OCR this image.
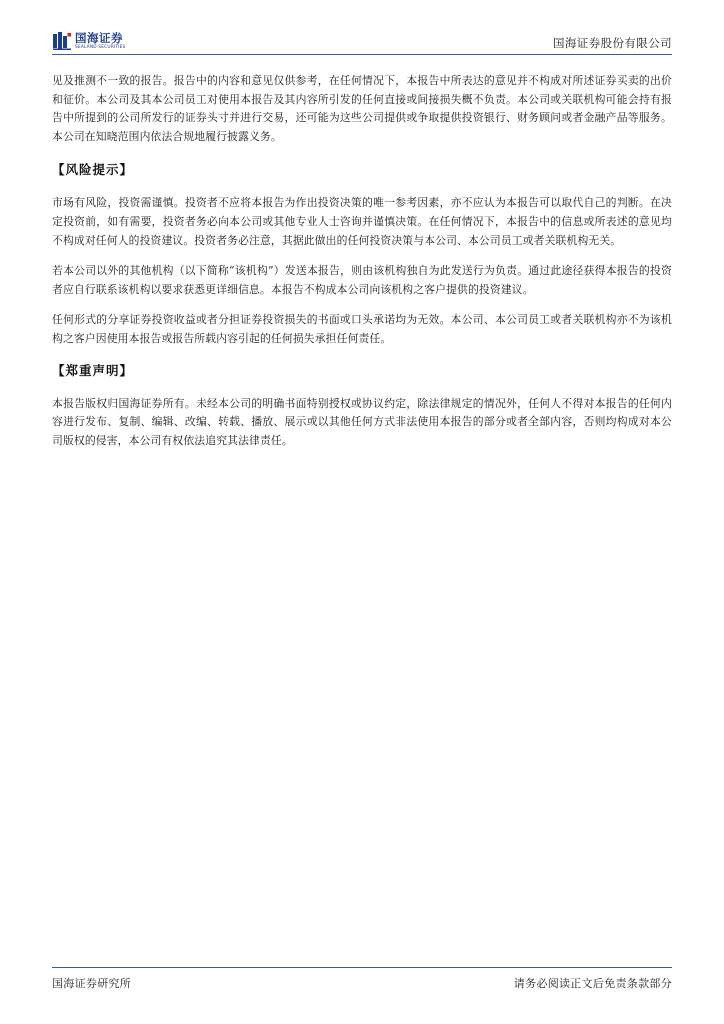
国海证券
SEALAND SECURITIES	国海证券股份有限公司

见及推测不一致的报告。报告中的内容和意见仅供参考，在任何情况下，本报告中所表达的意见并不构成对所述证券买卖的出价和征价。本公司及其本公司员工对使用本报告及其内容所引发的任何直接或间接损失概不负责。本公司或关联机构可能会持有报告中所提到的公司所发行的证券头寸并进行交易，还可能为这些公司提供或争取提供投资银行、财务顾问或者金融产品等服务。本公司在知晓范围内依法合规地履行披露义务。

【风险提示】

市场有风险，投资需谨慎。投资者不应将本报告为作出投资决策的唯一参考因素，亦不应认为本报告可以取代自己的判断。在决定投资前，如有需要，投资者务必向本公司或其他专业人士咨询并谨慎决策。在任何情况下，本报告中的信息或所表述的意见均不构成对任何人的投资建议。投资者务必注意，其据此做出的任何投资决策与本公司、本公司员工或者关联机构无关。

若本公司以外的其他机构（以下简称“该机构”）发送本报告，则由该机构独自为此发送行为负责。通过此途径获得本报告的投资者应自行联系该机构以要求获悉更详细信息。本报告不构成本公司向该机构之客户提供的投资建议。

任何形式的分享证券投资收益或者分担证券投资损失的书面或口头承诺均为无效。本公司、本公司员工或者关联机构亦不为该机构之客户因使用本报告或报告所载内容引起的任何损失承担任何责任。

【郑重声明】

本报告版权归国海证券所有。未经本公司的明确书面特别授权或协议约定，除法律规定的情况外，任何人不得对本报告的任何内容进行发布、复制、编辑、改编、转载、播放、展示或以其他任何方式非法使用本报告的部分或者全部内容，否则均构成对本公司版权的侵害，本公司有权依法追究其法律责任。

国海证券研究所	请务必阅读正文后免责条款部分
